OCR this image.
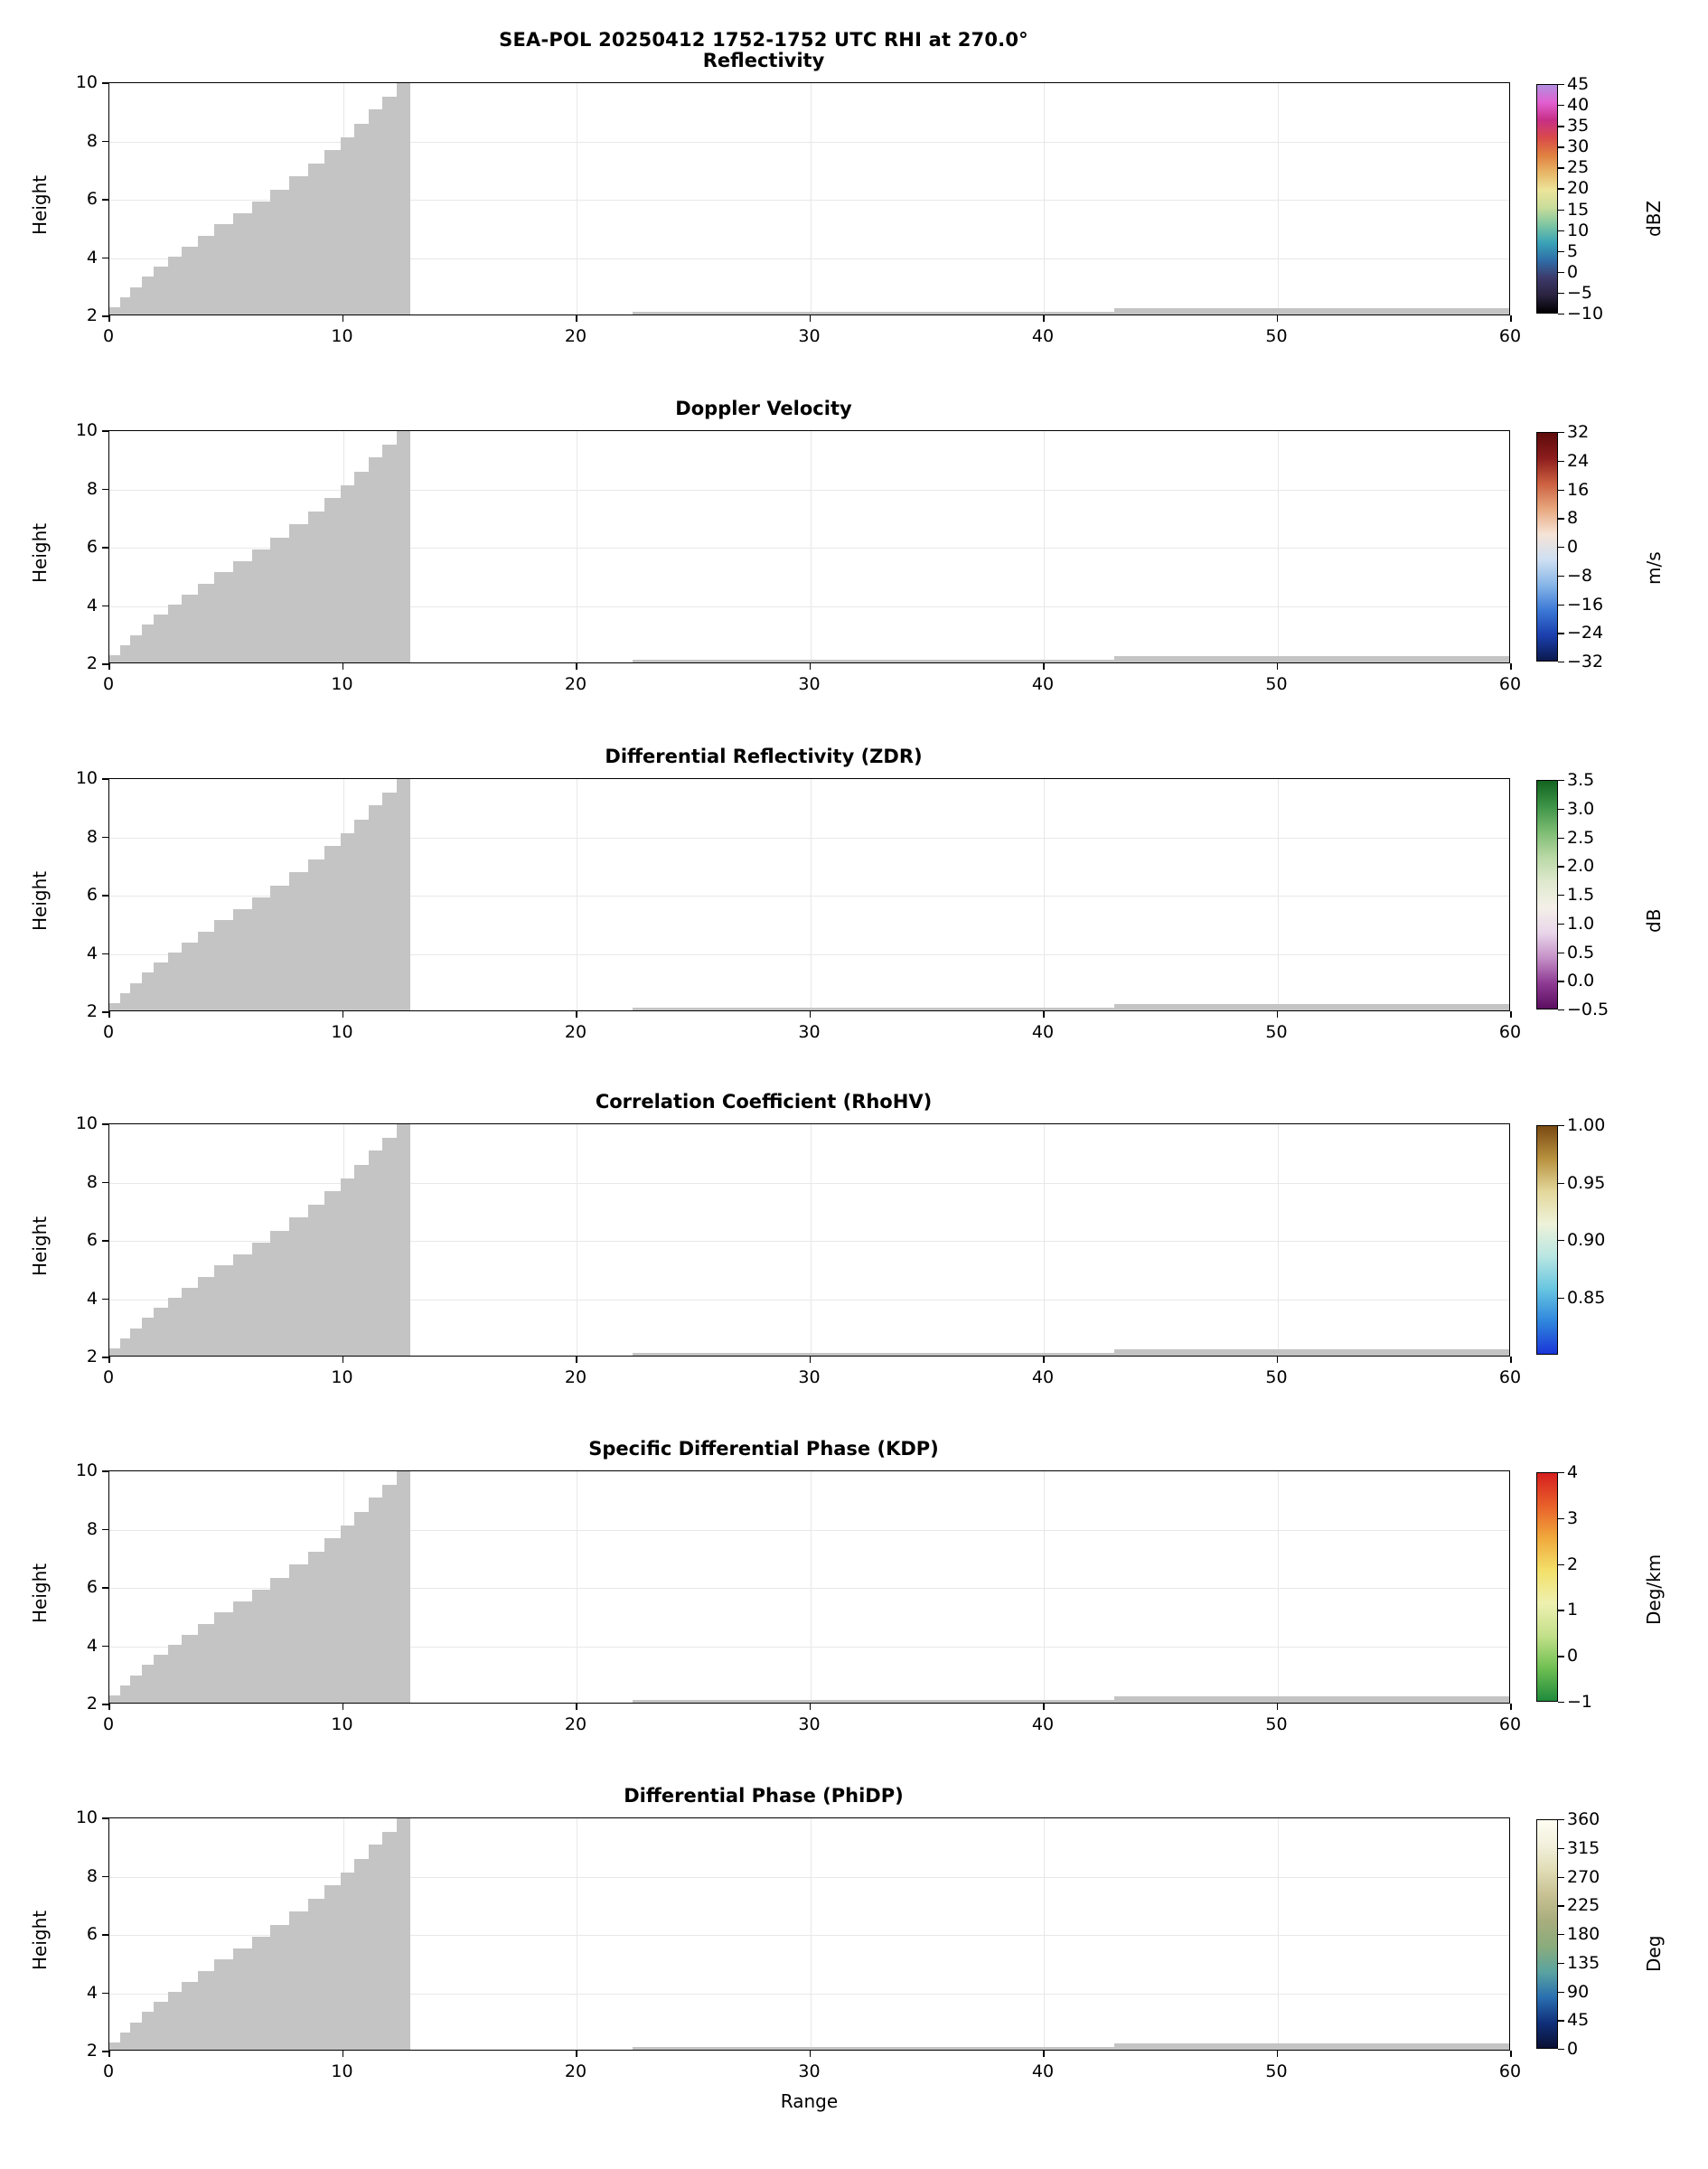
SEA-POL 20250412 1752-1752 UTC RHI at 270.0°
Reflectivity
0	10	20	30	40	50	60
2
4
6
8
10
Height
−10
−5
0
5
10
15
20
25
30
35
40
45
dBZ
Doppler Velocity
0	10	20	30	40	50	60
2
4
6
8
10
Height
−32
−24
−16
−8
0
8
16
24
32
m/s
Differential Reflectivity (ZDR)
0	10	20	30	40	50	60
2
4
6
8
10
Height
−0.5
0.0
0.5
1.0
1.5
2.0
2.5
3.0
3.5
dB
Correlation Coefficient (RhoHV)
0	10	20	30	40	50	60
2
4
6
8
10
Height
0.85
0.90
0.95
1.00
Specific Differential Phase (KDP)
0	10	20	30	40	50	60
2
4
6
8
10
Height
−1
0
1
2
3
4
Deg/km
Differential Phase (PhiDP)
0	10	20	30	40	50	60
2
4
6
8
10
Height
0
45
90
135
180
225
270
315
360
Deg
Range
